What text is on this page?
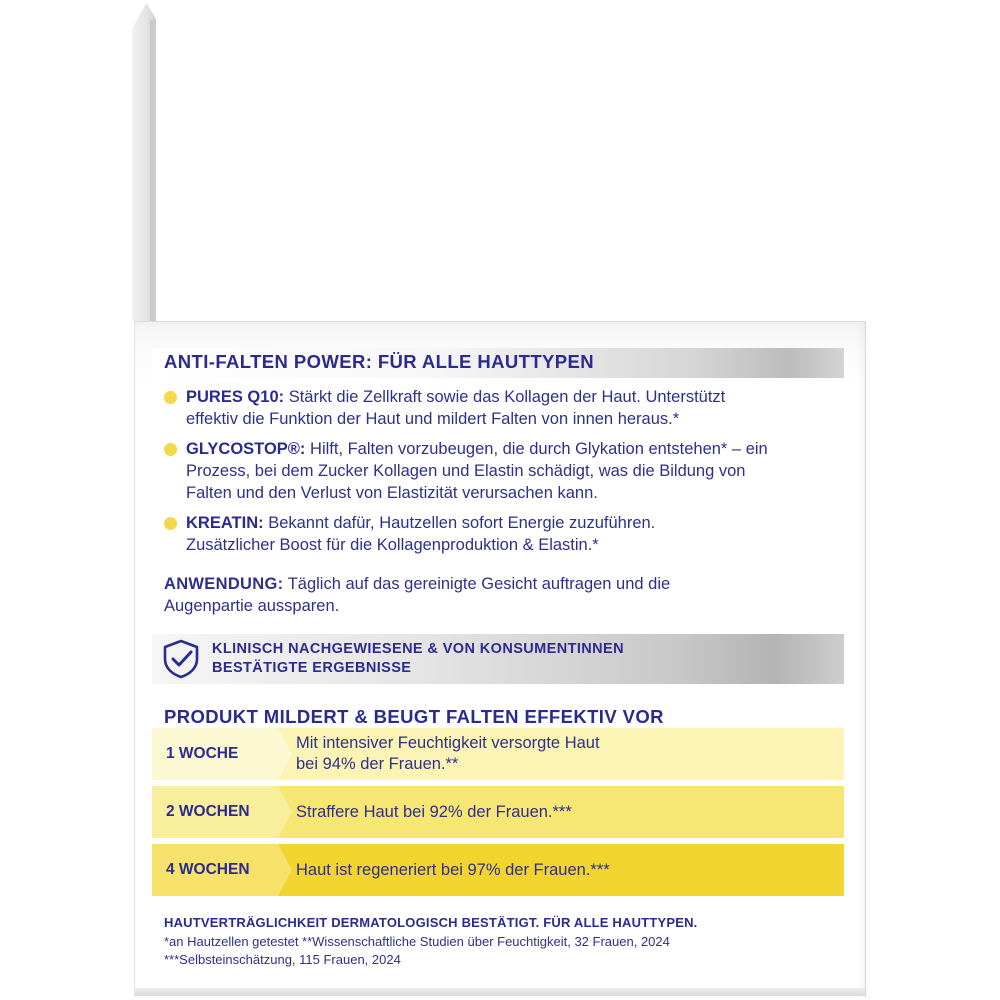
ANTI-FALTEN POWER: FÜR ALLE HAUTTYPEN
PURES Q10: Stärkt die Zellkraft sowie das Kollagen der Haut. Unterstützt
effektiv die Funktion der Haut und mildert Falten von innen heraus.*
GLYCOSTOP®: Hilft, Falten vorzubeugen, die durch Glykation entstehen* – ein
Prozess, bei dem Zucker Kollagen und Elastin schädigt, was die Bildung von
Falten und den Verlust von Elastizität verursachen kann.
KREATIN: Bekannt dafür, Hautzellen sofort Energie zuzuführen.
Zusätzlicher Boost für die Kollagenproduktion & Elastin.*
ANWENDUNG: Täglich auf das gereinigte Gesicht auftragen und die
Augenpartie aussparen.
KLINISCH NACHGEWIESENE & VON KONSUMENTINNEN
BESTÄTIGTE ERGEBNISSE
PRODUKT MILDERT & BEUGT FALTEN EFFEKTIV VOR
1 WOCHE
Mit intensiver Feuchtigkeit versorgte Haut
bei 94% der Frauen.**
2 WOCHEN	Straffere Haut bei 92% der Frauen.***
4 WOCHEN	Haut ist regeneriert bei 97% der Frauen.***
HAUTVERTRÄGLICHKEIT DERMATOLOGISCH BESTÄTIGT. FÜR ALLE HAUTTYPEN.
*an Hautzellen getestet **Wissenschaftliche Studien über Feuchtigkeit, 32 Frauen, 2024
***Selbsteinschätzung, 115 Frauen, 2024
